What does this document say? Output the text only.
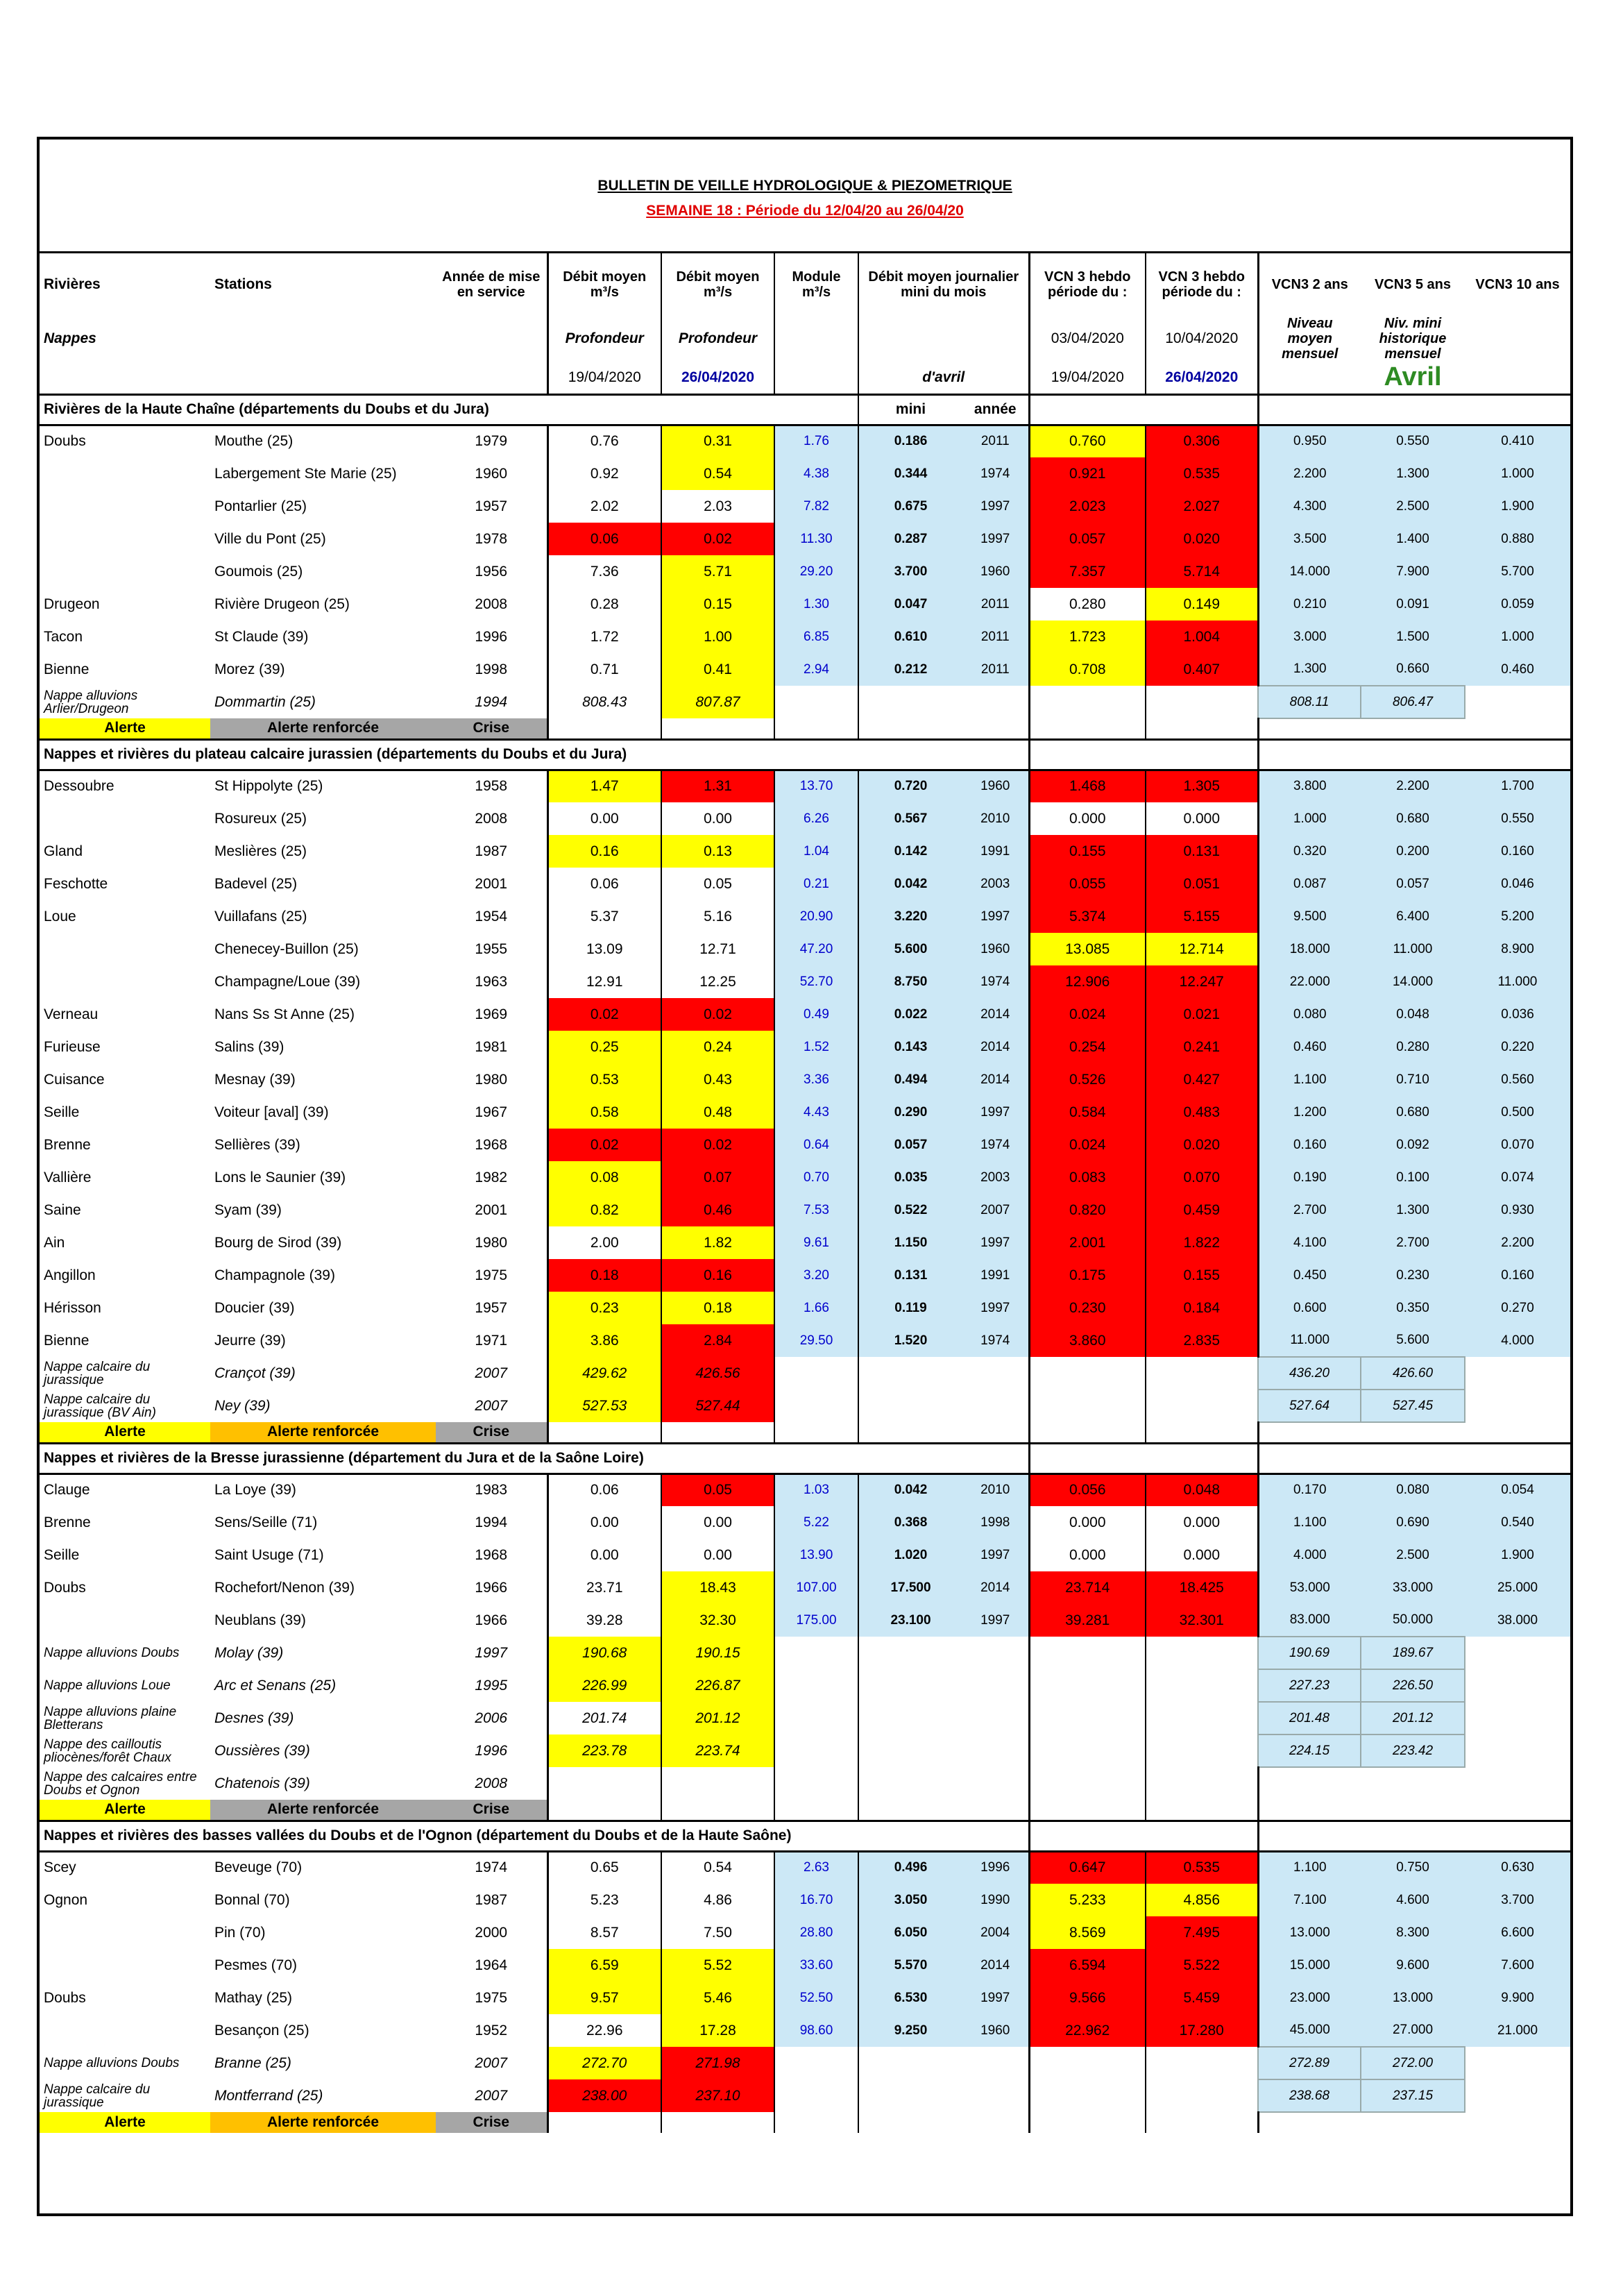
BULLETIN DE VEILLE HYDROLOGIQUE & PIEZOMETRIQUE
SEMAINE 18 : Période du 12/04/20 au 26/04/20												

Rivières	Stations	Année de mise en service	Débit moyen m³/s	Débit moyen m³/s	Module m³/s	Débit moyen journalier mini du mois		VCN 3 hebdo période du :	VCN 3 hebdo période du :	VCN3 2 ans	VCN3 5 ans	VCN3 10 ans
Nappes			Profondeur	Profondeur				03/04/2020	10/04/2020	Niveau moyen mensuel	Niv. mini historique mensuel	
			19/04/2020	26/04/2020		d'avril		19/04/2020	26/04/2020		Avril	
Rivières de la Haute Chaîne (départements du Doubs et du Jura)						mini	année					
Doubs	Mouthe (25)	1979	0.76	0.31	1.76	0.186	2011	0.760	0.306	0.950	0.550	0.410
	Labergement Ste Marie (25)	1960	0.92	0.54	4.38	0.344	1974	0.921	0.535	2.200	1.300	1.000
	Pontarlier (25)	1957	2.02	2.03	7.82	0.675	1997	2.023	2.027	4.300	2.500	1.900
	Ville du Pont (25)	1978	0.06	0.02	11.30	0.287	1997	0.057	0.020	3.500	1.400	0.880
	Goumois (25)	1956	7.36	5.71	29.20	3.700	1960	7.357	5.714	14.000	7.900	5.700
Drugeon	Rivière Drugeon (25)	2008	0.28	0.15	1.30	0.047	2011	0.280	0.149	0.210	0.091	0.059
Tacon	St Claude (39)	1996	1.72	1.00	6.85	0.610	2011	1.723	1.004	3.000	1.500	1.000
Bienne	Morez (39)	1998	0.71	0.41	2.94	0.212	2011	0.708	0.407	1.300	0.660	0.460
Nappe alluvions Arlier/Drugeon	Dommartin (25)	1994	808.43	807.87						808.11	806.47	
Alerte	Alerte renforcée	Crise										
Nappes et rivières du plateau calcaire jurassien (départements du Doubs et du Jura)												
Dessoubre	St Hippolyte (25)	1958	1.47	1.31	13.70	0.720	1960	1.468	1.305	3.800	2.200	1.700
	Rosureux (25)	2008	0.00	0.00	6.26	0.567	2010	0.000	0.000	1.000	0.680	0.550
Gland	Meslières (25)	1987	0.16	0.13	1.04	0.142	1991	0.155	0.131	0.320	0.200	0.160
Feschotte	Badevel (25)	2001	0.06	0.05	0.21	0.042	2003	0.055	0.051	0.087	0.057	0.046
Loue	Vuillafans (25)	1954	5.37	5.16	20.90	3.220	1997	5.374	5.155	9.500	6.400	5.200
	Chenecey-Buillon (25)	1955	13.09	12.71	47.20	5.600	1960	13.085	12.714	18.000	11.000	8.900
	Champagne/Loue (39)	1963	12.91	12.25	52.70	8.750	1974	12.906	12.247	22.000	14.000	11.000
Verneau	Nans Ss St Anne (25)	1969	0.02	0.02	0.49	0.022	2014	0.024	0.021	0.080	0.048	0.036
Furieuse	Salins (39)	1981	0.25	0.24	1.52	0.143	2014	0.254	0.241	0.460	0.280	0.220
Cuisance	Mesnay (39)	1980	0.53	0.43	3.36	0.494	2014	0.526	0.427	1.100	0.710	0.560
Seille	Voiteur [aval] (39)	1967	0.58	0.48	4.43	0.290	1997	0.584	0.483	1.200	0.680	0.500
Brenne	Sellières (39)	1968	0.02	0.02	0.64	0.057	1974	0.024	0.020	0.160	0.092	0.070
Vallière	Lons le Saunier (39)	1982	0.08	0.07	0.70	0.035	2003	0.083	0.070	0.190	0.100	0.074
Saine	Syam (39)	2001	0.82	0.46	7.53	0.522	2007	0.820	0.459	2.700	1.300	0.930
Ain	Bourg de Sirod (39)	1980	2.00	1.82	9.61	1.150	1997	2.001	1.822	4.100	2.700	2.200
Angillon	Champagnole (39)	1975	0.18	0.16	3.20	0.131	1991	0.175	0.155	0.450	0.230	0.160
Hérisson	Doucier (39)	1957	0.23	0.18	1.66	0.119	1997	0.230	0.184	0.600	0.350	0.270
Bienne	Jeurre (39)	1971	3.86	2.84	29.50	1.520	1974	3.860	2.835	11.000	5.600	4.000
Nappe calcaire du jurassique	Crançot (39)	2007	429.62	426.56						436.20	426.60	
Nappe calcaire du jurassique (BV Ain)	Ney (39)	2007	527.53	527.44						527.64	527.45	
Alerte	Alerte renforcée	Crise										
Nappes et rivières de la Bresse jurassienne (département du Jura et de la Saône Loire)												
Clauge	La Loye (39)	1983	0.06	0.05	1.03	0.042	2010	0.056	0.048	0.170	0.080	0.054
Brenne	Sens/Seille (71)	1994	0.00	0.00	5.22	0.368	1998	0.000	0.000	1.100	0.690	0.540
Seille	Saint Usuge (71)	1968	0.00	0.00	13.90	1.020	1997	0.000	0.000	4.000	2.500	1.900
Doubs	Rochefort/Nenon (39)	1966	23.71	18.43	107.00	17.500	2014	23.714	18.425	53.000	33.000	25.000
	Neublans (39)	1966	39.28	32.30	175.00	23.100	1997	39.281	32.301	83.000	50.000	38.000
Nappe alluvions Doubs	Molay (39)	1997	190.68	190.15						190.69	189.67	
Nappe alluvions Loue	Arc et Senans (25)	1995	226.99	226.87						227.23	226.50	
Nappe alluvions plaine Bletterans	Desnes (39)	2006	201.74	201.12						201.48	201.12	
Nappe des cailloutis pliocènes/forêt Chaux	Oussières (39)	1996	223.78	223.74						224.15	223.42	
Nappe des calcaires entre Doubs et Ognon	Chatenois (39)	2008										
Alerte	Alerte renforcée	Crise										
Nappes et rivières des basses vallées du Doubs et de l'Ognon (département du Doubs et de la Haute Saône)												
Scey	Beveuge (70)	1974	0.65	0.54	2.63	0.496	1996	0.647	0.535	1.100	0.750	0.630
Ognon	Bonnal (70)	1987	5.23	4.86	16.70	3.050	1990	5.233	4.856	7.100	4.600	3.700
	Pin (70)	2000	8.57	7.50	28.80	6.050	2004	8.569	7.495	13.000	8.300	6.600
	Pesmes (70)	1964	6.59	5.52	33.60	5.570	2014	6.594	5.522	15.000	9.600	7.600
Doubs	Mathay (25)	1975	9.57	5.46	52.50	6.530	1997	9.566	5.459	23.000	13.000	9.900
	Besançon (25)	1952	22.96	17.28	98.60	9.250	1960	22.962	17.280	45.000	27.000	21.000
Nappe alluvions Doubs	Branne (25)	2007	272.70	271.98						272.89	272.00	
Nappe calcaire du jurassique	Montferrand (25)	2007	238.00	237.10						238.68	237.15	
Alerte	Alerte renforcée	Crise										
